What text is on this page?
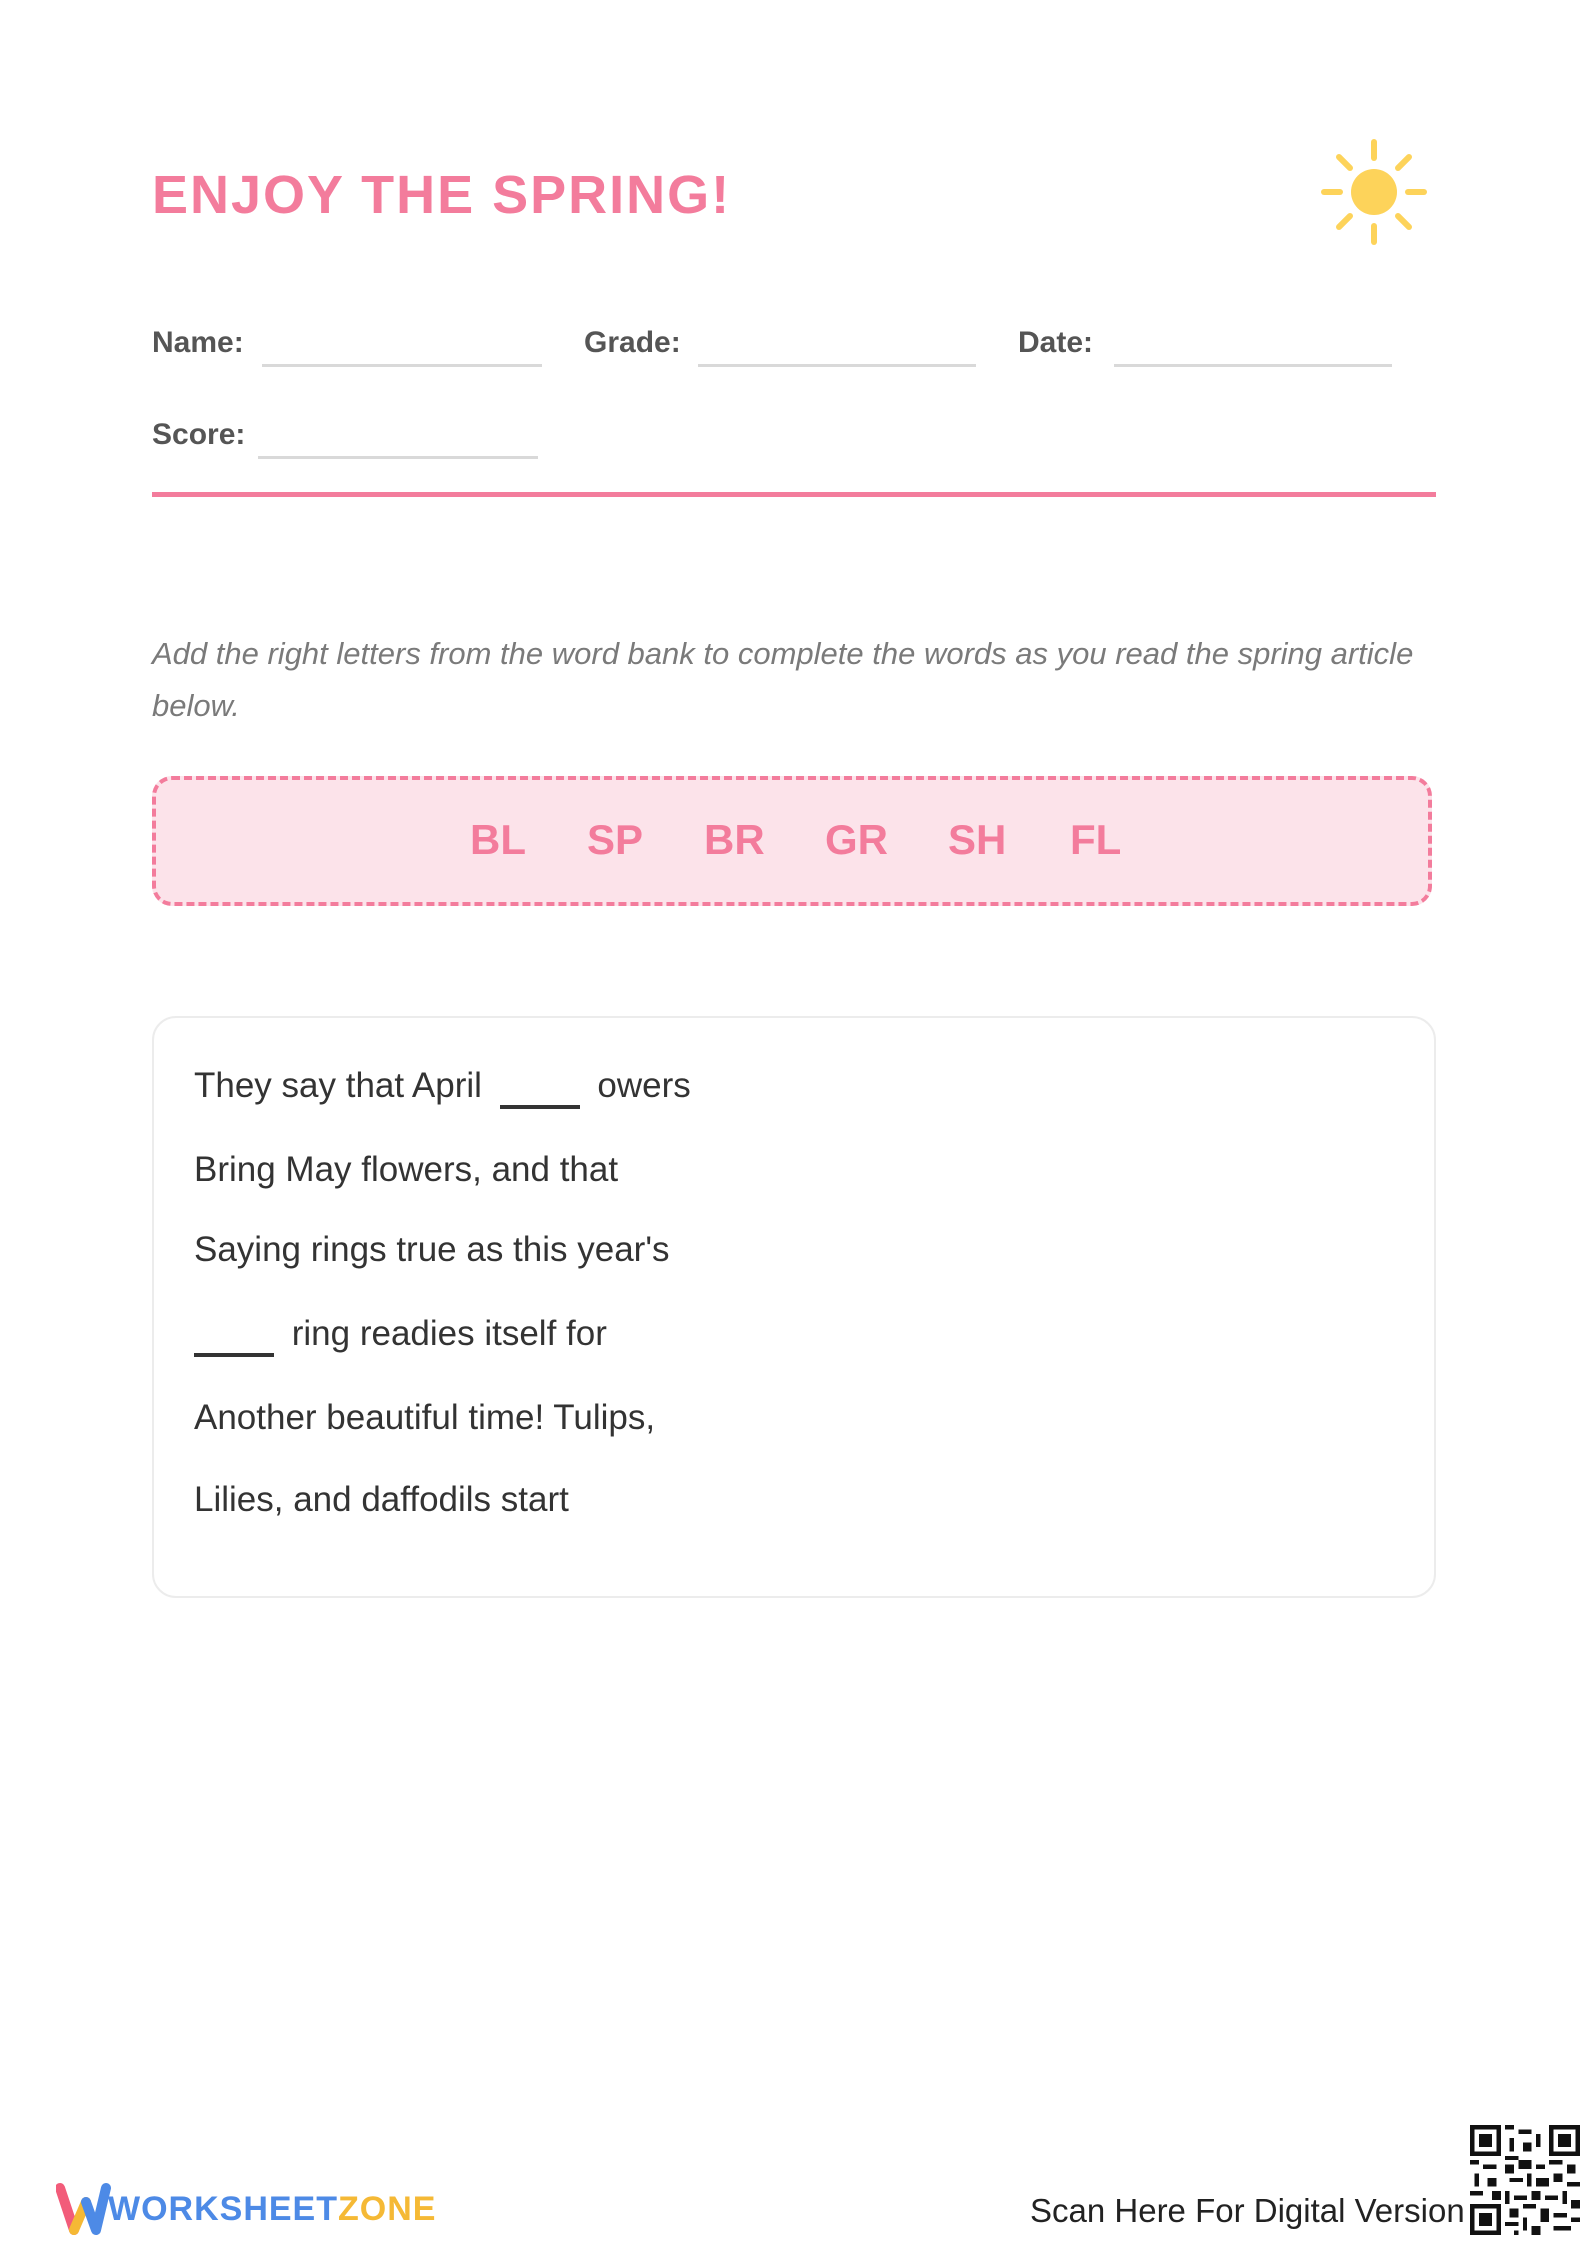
ENJOY THE SPRING!
Name:	Grade:	Date:
Score:
Add the right letters from the word bank to complete the words as you read the spring article below.
BL SP BR GR SH FL
They say that April	owers
Bring May flowers, and that
Saying rings true as this year's
ring readies itself for
Another beautiful time! Tulips,
Lilies, and daffodils start
WORKSHEETZONE	Scan Here For Digital Version
